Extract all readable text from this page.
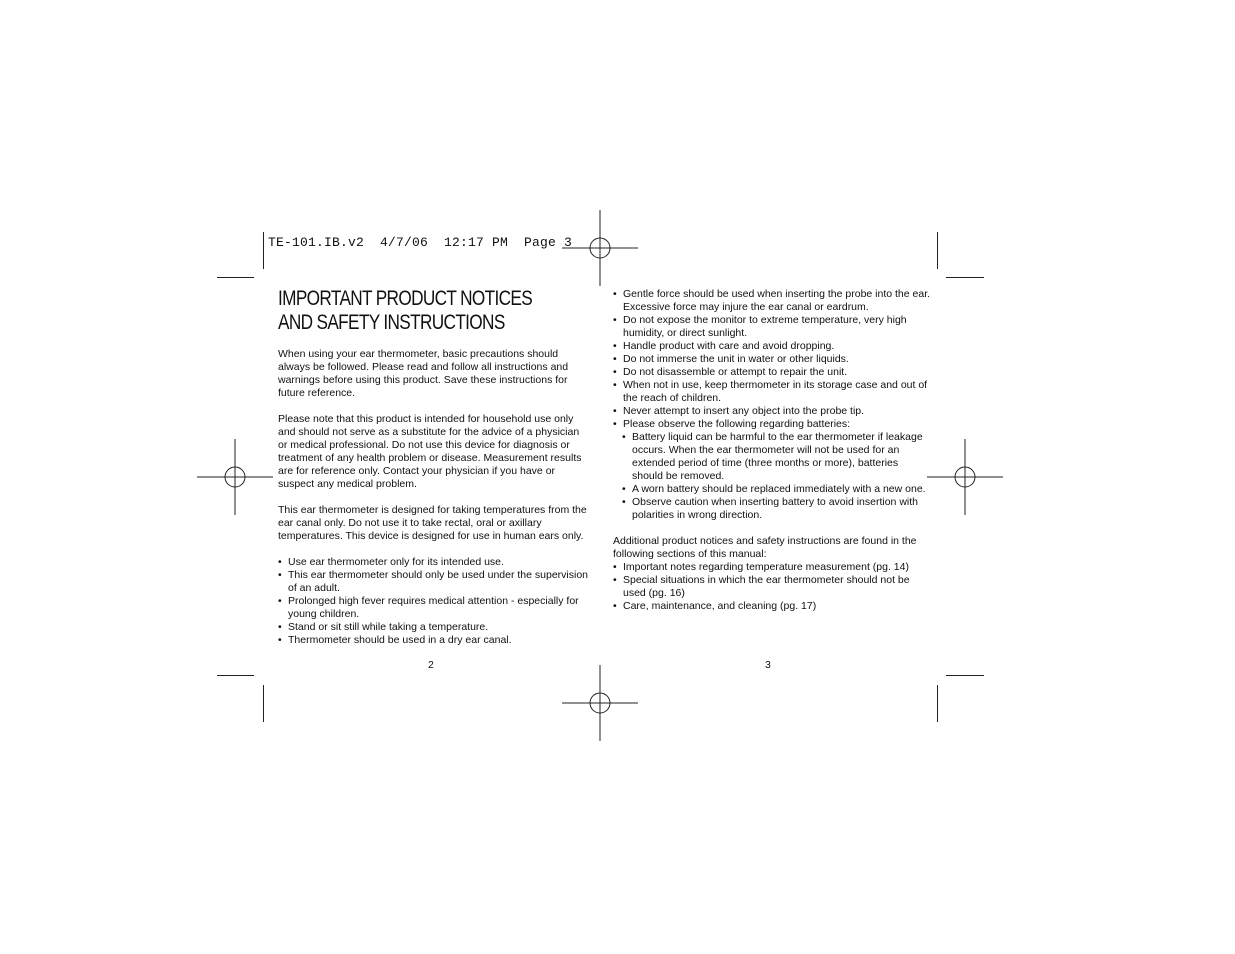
TE-101.IB.v2  4/7/06  12:17 PM  Page 3
IMPORTANT PRODUCT NOTICES
AND SAFETY INSTRUCTIONS

When using your ear thermometer, basic precautions should always be followed. Please read and follow all instructions and warnings before using this product. Save these instructions for future reference.

Please note that this product is intended for household use only and should not serve as a substitute for the advice of a physician or medical professional. Do not use this device for diagnosis or treatment of any health problem or disease. Measurement results are for reference only. Contact your physician if you have or suspect any medical problem.

This ear thermometer is designed for taking temperatures from the ear canal only. Do not use it to take rectal, oral or axillary temperatures. This device is designed for use in human ears only.

• Use ear thermometer only for its intended use.
• This ear thermometer should only be used under the supervision of an adult.
• Prolonged high fever requires medical attention - especially for young children.
• Stand or sit still while taking a temperature.
• Thermometer should be used in a dry ear canal.
• Gentle force should be used when inserting the probe into the ear. Excessive force may injure the ear canal or eardrum.
• Do not expose the monitor to extreme temperature, very high humidity, or direct sunlight.
• Handle product with care and avoid dropping.
• Do not immerse the unit in water or other liquids.
• Do not disassemble or attempt to repair the unit.
• When not in use, keep thermometer in its storage case and out of the reach of children.
• Never attempt to insert any object into the probe tip.
• Please observe the following regarding batteries:
• Battery liquid can be harmful to the ear thermometer if leakage occurs. When the ear thermometer will not be used for an extended period of time (three months or more), batteries should be removed.
• A worn battery should be replaced immediately with a new one.
• Observe caution when inserting battery to avoid insertion with polarities in wrong direction.

Additional product notices and safety instructions are found in the following sections of this manual:

• Important notes regarding temperature measurement (pg. 14)
• Special situations in which the ear thermometer should not be used (pg. 16)
• Care, maintenance, and cleaning (pg. 17)
2	3
